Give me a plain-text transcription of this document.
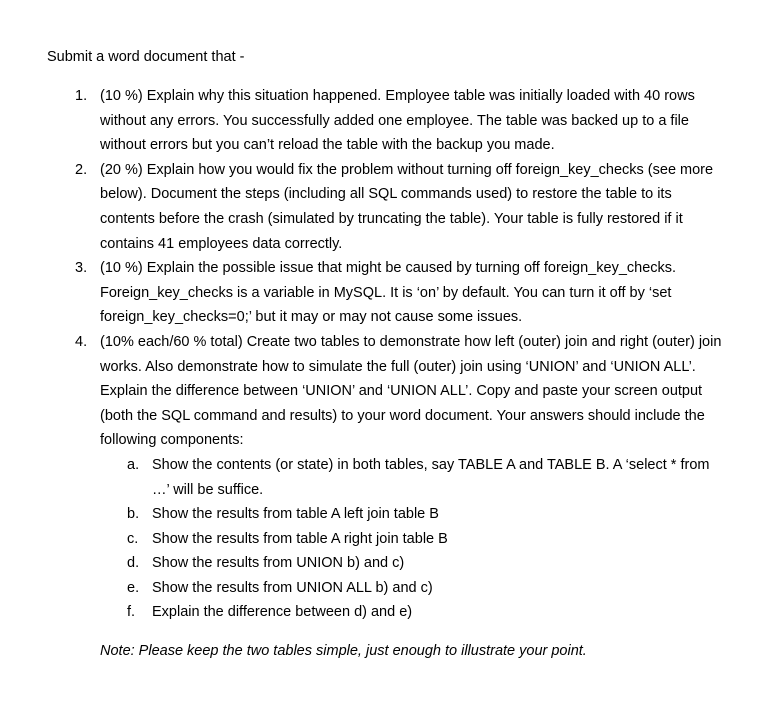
Submit a word document that -

1. (10 %) Explain why this situation happened. Employee table was initially loaded with 40 rows without any errors. You successfully added one employee. The table was backed up to a file without errors but you can’t reload the table with the backup you made.
2. (20 %) Explain how you would fix the problem without turning off foreign_key_checks (see more below). Document the steps (including all SQL commands used) to restore the table to its contents before the crash (simulated by truncating the table). Your table is fully restored if it contains 41 employees data correctly.
3. (10 %) Explain the possible issue that might be caused by turning off foreign_key_checks. Foreign_key_checks is a variable in MySQL. It is ‘on’ by default. You can turn it off by ‘set foreign_key_checks=0;’ but it may or may not cause some issues.
4. (10% each/60 % total) Create two tables to demonstrate how left (outer) join and right (outer) join works. Also demonstrate how to simulate the full (outer) join using ‘UNION’ and ‘UNION ALL’. Explain the difference between ‘UNION’ and ‘UNION ALL’. Copy and paste your screen output (both the SQL command and results) to your word document. Your answers should include the following components:
a. Show the contents (or state) in both tables, say TABLE A and TABLE B. A ‘select * from …’ will be suffice.
b. Show the results from table A left join table B
c. Show the results from table A right join table B
d. Show the results from UNION b) and c)
e. Show the results from UNION ALL b) and c)
f. Explain the difference between d) and e)

Note: Please keep the two tables simple, just enough to illustrate your point.
